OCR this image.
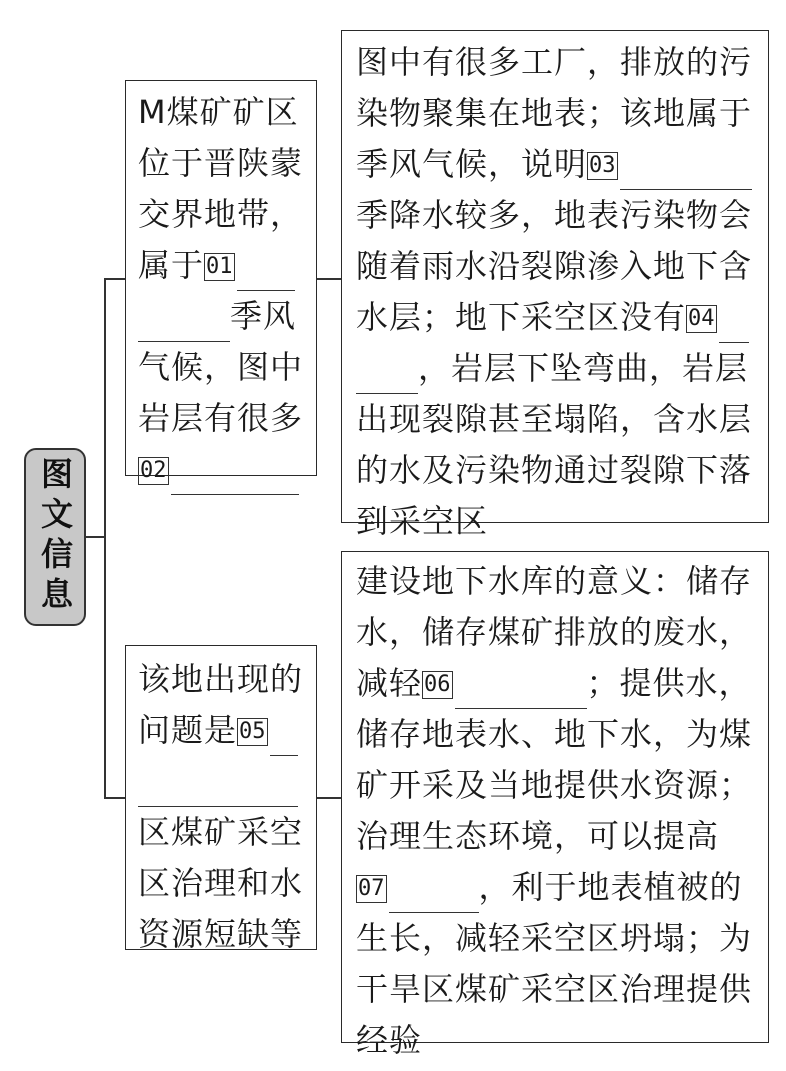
图文信息

M煤矿矿区

位于晋陕蒙

交界地带，

属于01

季风

气候，图中

岩层有很多

02

图中有很多工厂，排放的污

染物聚集在地表；该地属于

季风气候，说明03

季降水较多，地表污染物会

随着雨水沿裂隙渗入地下含

水层；地下采空区没有04

，岩层下坠弯曲，岩层

出现裂隙甚至塌陷，含水层

的水及污染物通过裂隙下落

到采空区

该地出现的

问题是05

区煤矿采空

区治理和水

资源短缺等

建设地下水库的意义：储存

水，储存煤矿排放的废水，

减轻06	；提供水，

储存地表水、地下水，为煤

矿开采及当地提供水资源；

治理生态环境，可以提高

07	，利于地表植被的

生长，减轻采空区坍塌；为

干旱区煤矿采空区治理提供

经验
